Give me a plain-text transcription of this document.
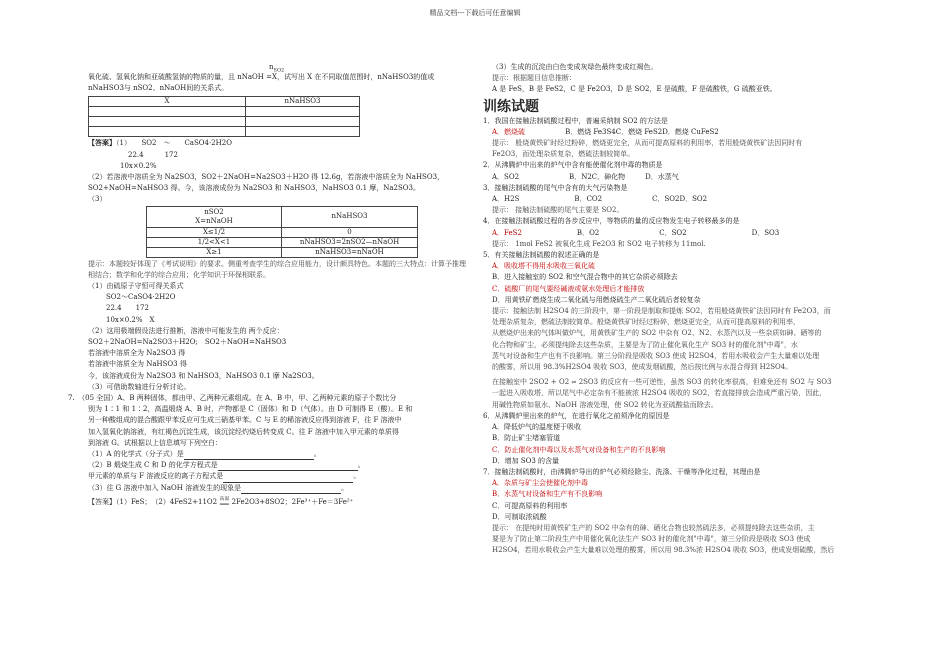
精品文档---下载后可任意编辑
$n_{SO2}$
氧化硫、氢氧化钠和亚硫酸氢钠的物质的量，且 nNaOH =X，试写出 X 在不同取值范围时，nNaHSO3的值或
nNaHSO3与 nSO2、nNaOH间的关系式。
X	nNaHSO3

【答案】（1）　　SO2　～　　CaSO4·2H2O
22.4　　　172
10x×0.2%
（2）若溶液中溶质全为 Na2SO3，SO2＋2NaOH=Na2SO3＋H2O 得 12.6g，若溶液中溶质全为 NaHSO3，
SO2+NaOH=NaHSO3 得。今，该溶液成份为 Na2SO3 和 NaHSO3，NaHSO3 0.1 摩，Na2SO3。
（3）
nSO2
X=nNaOH	nNaHSO3
X≤1/2	0
1/2<X<1	nNaHSO3=2nSO2—nNaOH
X≥1	nNaHSO3=nNaOH
提示：本题较好体现了《考试说明》的要求。侧重考查学生的综合应用能力，设计颇具特色。本题的三大特点：计算予推理相结合；数学和化学的综合应用；化学知识于环保相联系。
（1）由硫原子守恒可得关系式
SO2～CaSO4·2H2O
22.4　　172
10x×0.2%　X
（2）这用极端假设法进行推断，溶液中可能发生的 两个反应：
SO2＋2NaOH=Na2SO3＋H2O;　SO2＋NaOH=NaHSO3
若溶液中溶质全为 Na2SO3 得
若溶液中溶质全为 NaHSO3 得
今，该溶液成份为 Na2SO3 和 NaHSO3，NaHSO3 0.1 摩 Na2SO3。
（3）可借助数轴进行分析讨论。
7.　（05 全国）A、B 两种固体，都由甲、乙两种元素组成。在 A、B 中，甲、乙两种元素的原子个数比分
别为 1∶1 和 1∶2，高温煅烧 A、B 时，产物都是 C（固体）和 D（气体）。由 D 可制得 E（酸）。E 和
另一种酸组成的混合酸跟甲苯反应可生成三硝基甲苯。C 与 E 的稀溶液反应得到溶液 F，往 F 溶液中
加入氢氧化钠溶液，有红褐色沉淀生成，该沉淀经灼烧后转变成 C。往 F 溶液中加入甲元素的单质得
到溶液 G。试根据以上信息填写下列空白：
（1）A 的化学式（分子式）是	。
（2）B 煅烧生成 C 和 D 的化学方程式是	。
甲元素的单质与 F 溶液反应的离子方程式是	。
（3）往 G 溶液中加入 NaOH 溶液发生的现象是	。
【答案】（1）FeS；　（2）4FeS2+11O2 高温
═══ 2Fe2O3+8SO2；2Fe³⁺＋Fe＝3Fe²⁺
（3）生成的沉淀由白色变成灰绿色最终变成红褐色。
提示：根据题目信息推断：
A 是 FeS，B 是 FeS2，C 是 Fe2O3，D 是 SO2，E 是硫酸，F 是硫酸铁，G 硫酸亚铁。
训练试题
1．我国在接触法制硫酸过程中，普遍采纳制 SO2 的方法是
A．燃烧硫	B．燃烧 Fe3S4C．燃烧 FeS2D．燃烧 CuFeS2
提示： 般烧黄铁矿时经过粉碎，燃烧更完全，从而可提高原料的利用率，若用般烧黄铁矿法因同时有
Fe2O3，而处理杂质复杂，燃硫法制较简单。
2．从沸腾炉中出来的炉气中含有能使催化剂中毒的物质是
A．SO2	B．N2C．砷化物	D．水蒸气
3．接触法制硫酸的尾气中含有的大气污染物是
A．H2S	B．CO2	C．SO2D．SO2
提示： 接触法制硫酸的尾气主要是 SO2。
4．在接触法制硫酸过程的各步反应中，等物质的量的反应物发生电子转移最多的是
A．FeS2	B．O2	C．SO2	D．SO3
提示： 1mol FeS2 被氧化生成 Fe2O3 和 SO2 电子转移为 11mol.
5．有关接触法制硫酸的叙述正确的是
A．吸收塔不得用水吸收三氧化硫
B．进入接触室的 SO2 和空气混合物中的其它杂质必须除去
C．硫酸厂的尾气要经碱液或氨水处理后才能排放
D．用黄铁矿燃烧生成二氧化硫与用燃烧硫生产二氧化硫后者较复杂
提示：接触法制 H2SO4 的三阶段中，第一阶段是制取和提炼 SO2，若用般烧黄铁矿法因同时有 Fe2O3，而
处理杂质复杂，燃硫法制较简单。般烧黄铁矿时经过粉碎，燃烧更完全，从而可提高原料的利用率，
从燃烧炉出来的气体叫做炉气，用黄铁矿生产的 SO2 中杂有 O2、N2、水蒸汽以及一些杂质如砷、硒等的
化合物和矿尘，必须提纯除去这些杂质，主要是为了防止催化氧化生产 SO3 时的催化剂"中毒"，水
蒸气对设备和生产也有不良影响。第三分阶段是吸收 SO3 使成 H2SO4，若用水吸收会产生大量难以处理
的酸雾，所以用 98.3%H2SO4 吸收 SO3，使成发烟硫酸，然后按比例与水混合得到 H2SO4。
在接触室中 2SO2 + O2 ⇌ 2SO3 的反应有一些可逆性，虽然 SO3 的转化率很高，但难免还有 SO2 与 SO3
一起进入吸收塔，所以尾气中必定杂有不能被浓 H2SO4 吸收的 SO2，若直接排放会造成严重污染，因此，
用碱性物质如氨水、NaOH 溶液处理，使 SO2 转化为亚硫酸盐而除去。
6．从沸腾炉里出来的炉气，在进行氧化之前须净化的原因是
A．降低炉气的温度便于吸收
B．防止矿尘堵塞管道
C．防止催化剂中毒以及水蒸气对设备和生产的不良影响
D．增加 SO3 的含量
7．接触法制硫酸时，由沸腾炉导出的炉气必须经除尘、洗涤、干燥等净化过程，其理由是
A．杂质与矿尘会使催化剂中毒
B．水蒸气对设备和生产有不良影响
C．可提高原料的利用率
D．可制取浓硫酸
提示： 在提纯时用黄铁矿生产的 SO2 中杂有的砷、硒化合物也较然硫法多，必须提纯除去这些杂质，主
要是为了防止第二阶段生产中用催化氧化法生产 SO3 时的催化剂"中毒"，第三分阶段是吸收 SO3 使成
H2SO4，若用水吸收会产生大量难以处理的酸雾，所以用 98.3%浓 H2SO4 吸收 SO3，使成发烟硫酸，然后
